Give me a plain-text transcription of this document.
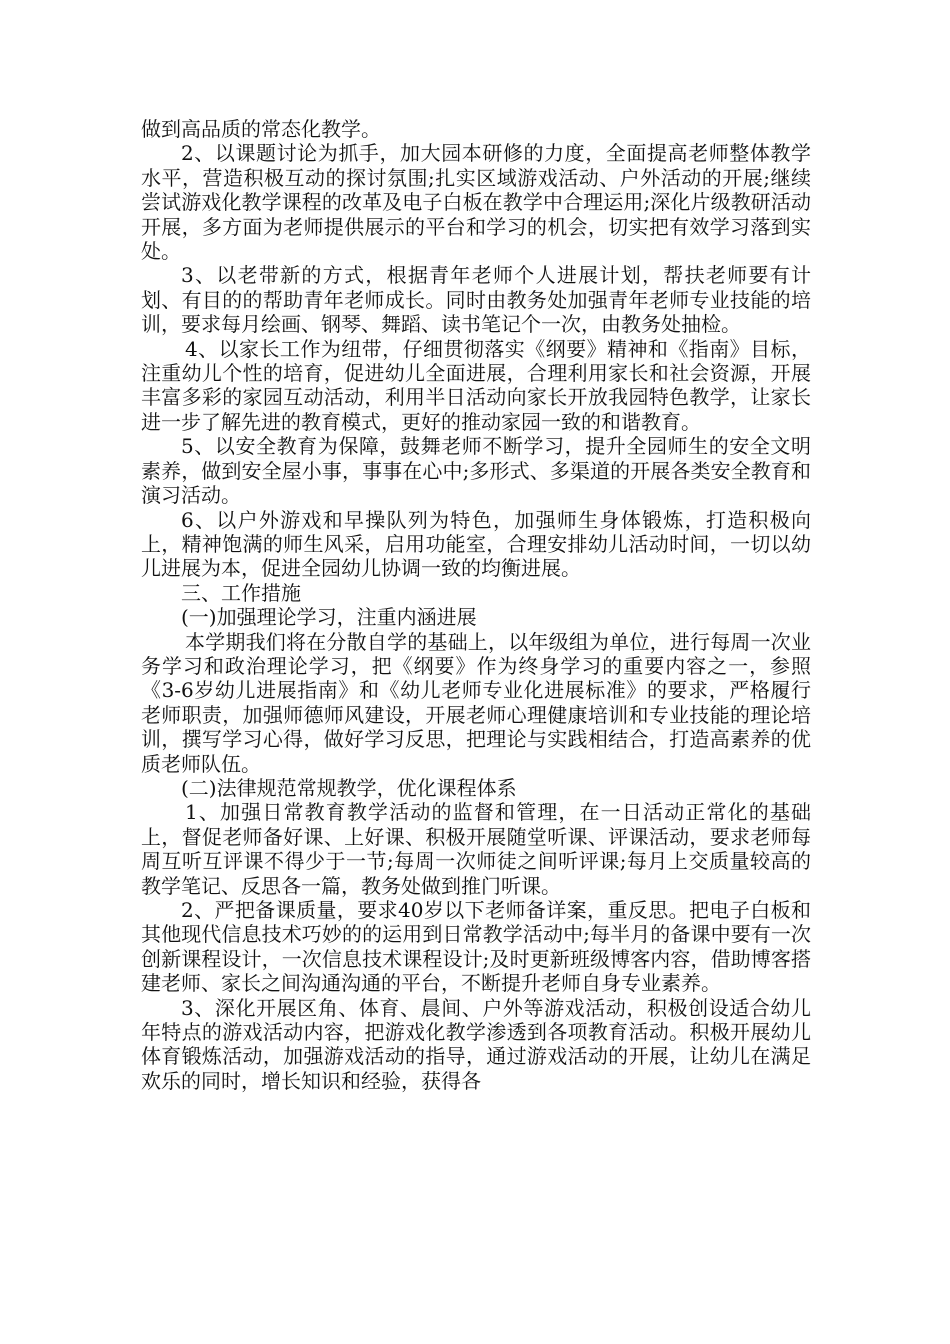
做到高品质的常态化教学。

2、以课题讨论为抓手，加大园本研修的力度，全面提高老师整体教学水平，营造积极互动的探讨氛围;扎实区域游戏活动、户外活动的开展;继续尝试游戏化教学课程的改革及电子白板在教学中合理运用;深化片级教研活动开展，多方面为老师提供展示的平台和学习的机会，切实把有效学习落到实处。

3、以老带新的方式，根据青年老师个人进展计划，帮扶老师要有计划、有目的的帮助青年老师成长。同时由教务处加强青年老师专业技能的培训，要求每月绘画、钢琴、舞蹈、读书笔记个一次，由教务处抽检。

4、以家长工作为纽带，仔细贯彻落实《纲要》精神和《指南》目标，注重幼儿个性的培育，促进幼儿全面进展，合理利用家长和社会资源，开展丰富多彩的家园互动活动，利用半日活动向家长开放我园特色教学，让家长进一步了解先进的教育模式，更好的推动家园一致的和谐教育。

5、以安全教育为保障，鼓舞老师不断学习，提升全园师生的安全文明素养，做到安全屋小事，事事在心中;多形式、多渠道的开展各类安全教育和演习活动。

6、以户外游戏和早操队列为特色，加强师生身体锻炼，打造积极向上，精神饱满的师生风采，启用功能室，合理安排幼儿活动时间，一切以幼儿进展为本，促进全园幼儿协调一致的均衡进展。

三、工作措施

(一)加强理论学习，注重内涵进展

本学期我们将在分散自学的基础上，以年级组为单位，进行每周一次业务学习和政治理论学习，把《纲要》作为终身学习的重要内容之一，参照《3-6岁幼儿进展指南》和《幼儿老师专业化进展标准》的要求，严格履行老师职责，加强师德师风建设，开展老师心理健康培训和专业技能的理论培训，撰写学习心得，做好学习反思，把理论与实践相结合，打造高素养的优质老师队伍。

(二)法律规范常规教学，优化课程体系

1、加强日常教育教学活动的监督和管理，在一日活动正常化的基础上，督促老师备好课、上好课、积极开展随堂听课、评课活动，要求老师每周互听互评课不得少于一节;每周一次师徒之间听评课;每月上交质量较高的教学笔记、反思各一篇，教务处做到推门听课。

2、严把备课质量，要求40岁以下老师备详案，重反思。把电子白板和其他现代信息技术巧妙的的运用到日常教学活动中;每半月的备课中要有一次创新课程设计，一次信息技术课程设计;及时更新班级博客内容，借助博客搭建老师、家长之间沟通沟通的平台，不断提升老师自身专业素养。

3、深化开展区角、体育、晨间、户外等游戏活动，积极创设适合幼儿年特点的游戏活动内容，把游戏化教学渗透到各项教育活动。积极开展幼儿体育锻炼活动，加强游戏活动的指导，通过游戏活动的开展，让幼儿在满足欢乐的同时，增长知识和经验，获得各
